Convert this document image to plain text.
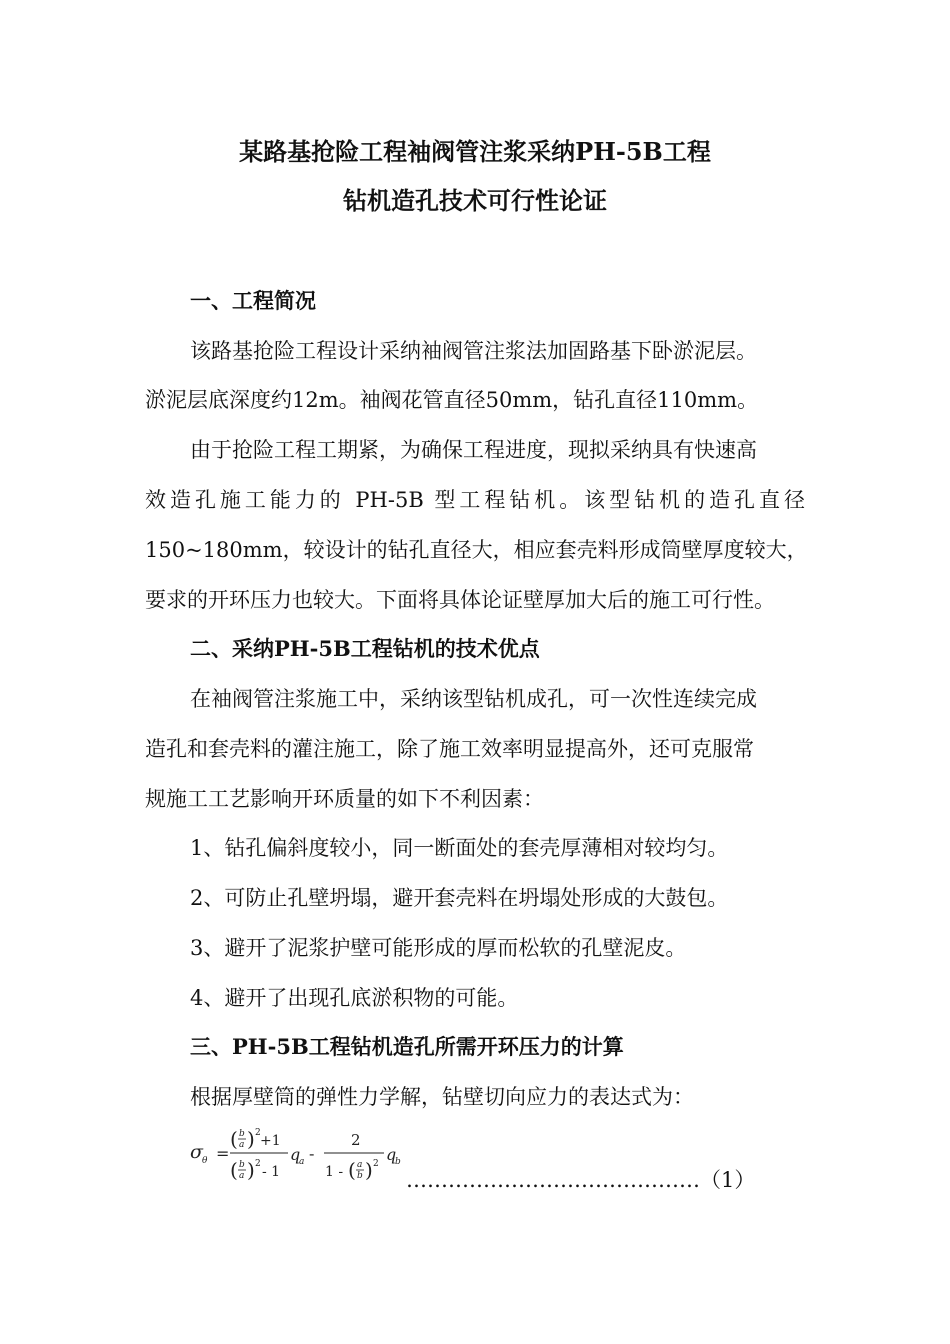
某路基抢险工程袖阀管注浆采纳PH-5B工程
钻机造孔技术可行性论证
一、工程简况
该路基抢险工程设计采纳袖阀管注浆法加固路基下卧淤泥层。
淤泥层底深度约12m。袖阀花管直径50mm，钻孔直径110mm。
由于抢险工程工期紧，为确保工程进度，现拟采纳具有快速高
效造孔施工能力的 PH-5B 型工程钻机。该型钻机的造孔直径
150~180mm，较设计的钻孔直径大，相应套壳料形成筒壁厚度较大，
要求的开环压力也较大。下面将具体论证壁厚加大后的施工可行性。
二、采纳PH-5B工程钻机的技术优点
在袖阀管注浆施工中，采纳该型钻机成孔，可一次性连续完成
造孔和套壳料的灌注施工，除了施工效率明显提高外，还可克服常
规施工工艺影响开环质量的如下不利因素：
1、钻孔偏斜度较小，同一断面处的套壳厚薄相对较均匀。
2、可防止孔壁坍塌，避开套壳料在坍塌处形成的大鼓包。
3、避开了泥浆护壁可能形成的厚而松软的孔壁泥皮。
4、避开了出现孔底淤积物的可能。
三、PH-5B工程钻机造孔所需开环压力的计算
根据厚壁筒的弹性力学解，钻壁切向应力的表达式为：
σ θ =
( b
a ) 2 +1
( b
a ) 2 - 1
q
a -
2
1 - ( a
b ) 2 q
b
……………………………………（1）
